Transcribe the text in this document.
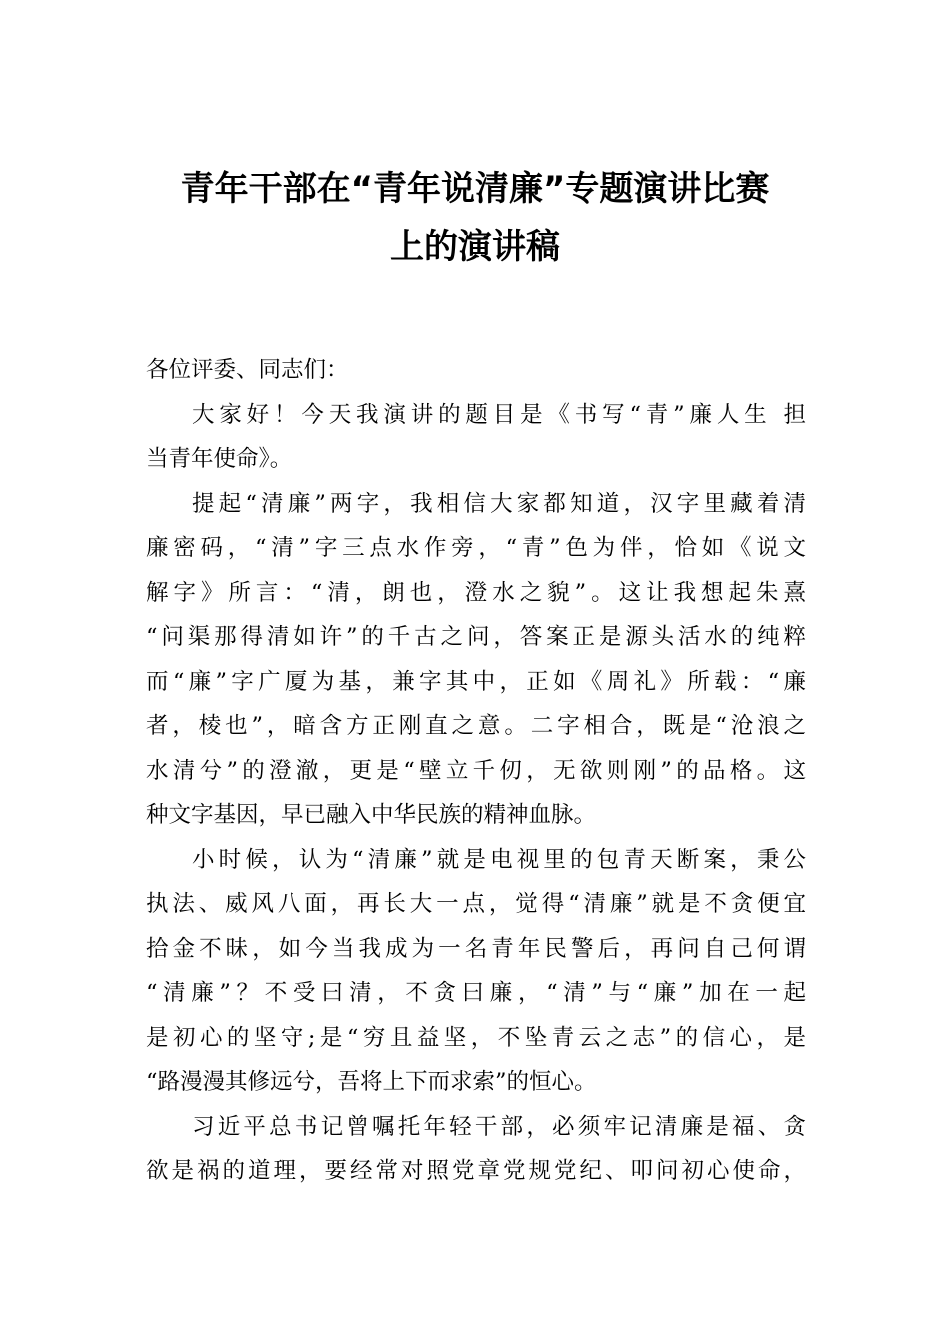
青年干部在“青年说清廉”专题演讲比赛
上的演讲稿

各位评委、同志们：

大家好！今天我演讲的题目是《书写“青”廉人生 担
当青年使命》。

提起“清廉”两字，我相信大家都知道，汉字里藏着清
廉密码，“清”字三点水作旁，“青”色为伴，恰如《说文
解字》所言：“清，朗也，澄水之貌”。这让我想起朱熹
“问渠那得清如许”的千古之问，答案正是源头活水的纯粹
而“廉”字广厦为基，兼字其中，正如《周礼》所载：“廉
者，棱也”，暗含方正刚直之意。二字相合，既是“沧浪之
水清兮”的澄澈，更是“壁立千仞，无欲则刚”的品格。这
种文字基因，早已融入中华民族的精神血脉。

小时候，认为“清廉”就是电视里的包青天断案，秉公
执法、威风八面，再长大一点，觉得“清廉”就是不贪便宜
拾金不昧，如今当我成为一名青年民警后，再问自己何谓
“清廉”？不受曰清，不贪曰廉，“清”与“廉”加在一起
是初心的坚守;是“穷且益坚，不坠青云之志”的信心，是
“路漫漫其修远兮，吾将上下而求索”的恒心。

习近平总书记曾嘱托年轻干部，必须牢记清廉是福、贪
欲是祸的道理，要经常对照党章党规党纪、叩问初心使命，
